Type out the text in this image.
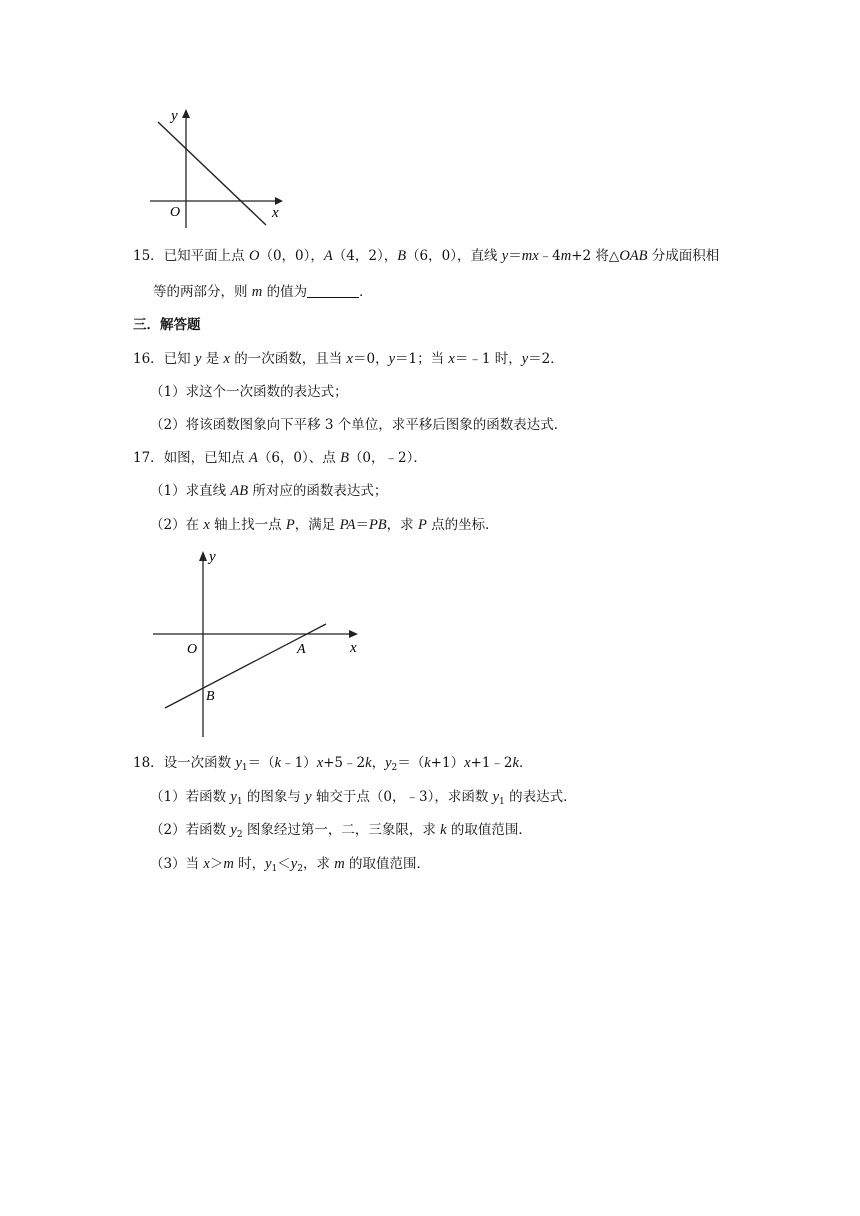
y
x
O
15．已知平面上点 O（0，0），A（4，2），B（6，0），直线 y＝mx﹣4m+2 将△OAB 分成面积相
等的两部分，则 m 的值为	．
三．解答题
16．已知 y 是 x 的一次函数，且当 x＝0，y＝1；当 x＝﹣1 时，y＝2．
（1）求这个一次函数的表达式；
（2）将该函数图象向下平移 3 个单位，求平移后图象的函数表达式．
17．如图，已知点 A（6，0）、点 B（0，﹣2）．
（1）求直线 AB 所对应的函数表达式；
（2）在 x 轴上找一点 P，满足 PA＝PB，求 P 点的坐标．
y
x
O	A
B
18．设一次函数 $y_1=(k﹣1)x+5﹣2k$，$y_2=(k+1)x+1﹣2k$．
（1）若函数 $y_1$ 的图象与 y 轴交于点（0，﹣3），求函数 $y_1$ 的表达式．
（2）若函数 $y_2$ 图象经过第一，二，三象限，求 k 的取值范围．
（3）当 x＞m 时，$y_1<y_2$，求 m 的取值范围．
